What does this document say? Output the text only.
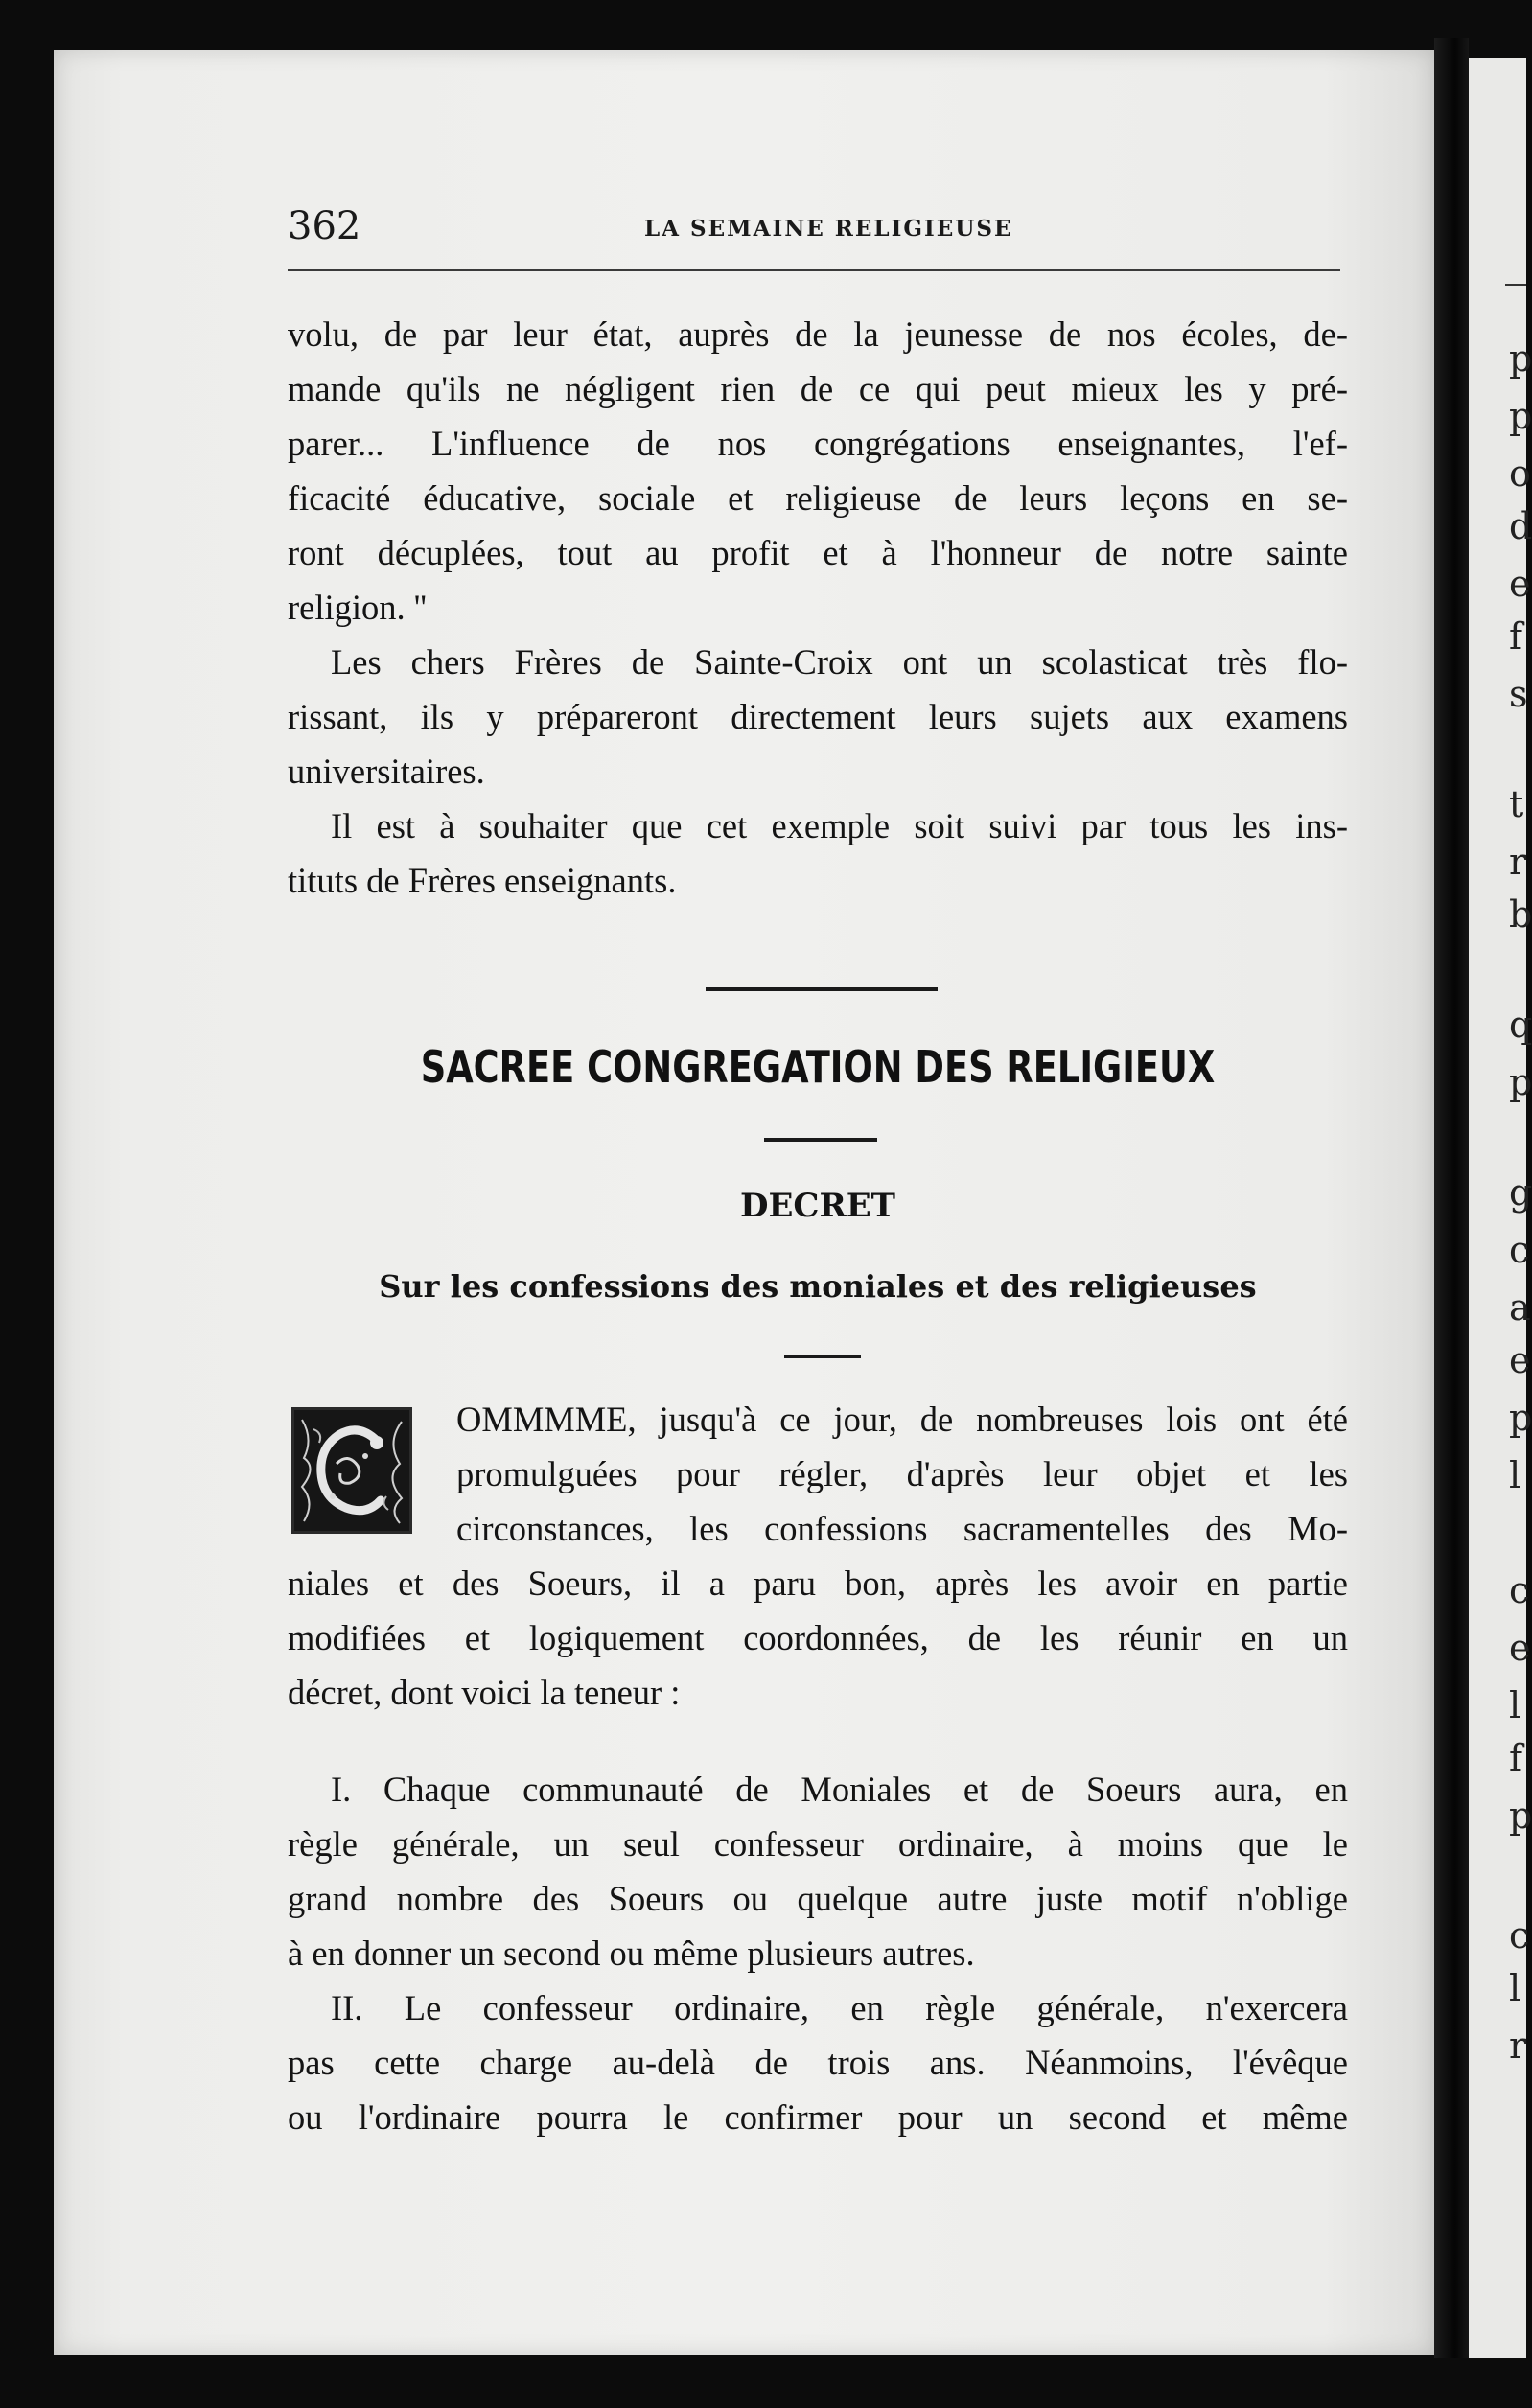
p
p
o
d
e
f
s
t
r
b
q
p
g
c
a
e
p
l
c
e
l
f
p
c
l
r
362	LA SEMAINE RELIGIEUSE
volu, de par leur état, auprès de la jeunesse de nos écoles, de-
mande qu'ils ne négligent rien de ce qui peut mieux les y pré-
parer... L'influence de nos congrégations enseignantes, l'ef-
ficacité éducative, sociale et religieuse de leurs leçons en se-
ront décuplées, tout au profit et à l'honneur de notre sainte
religion. ''
Les chers Frères de Sainte-Croix ont un scolasticat très flo-
rissant, ils y prépareront directement leurs sujets aux examens
universitaires.
Il est à souhaiter que cet exemple soit suivi par tous les ins-
tituts de Frères enseignants.
SACREE CONGREGATION DES RELIGIEUX
DECRET
Sur les confessions des moniales et des religieuses
OMMMME, jusqu'à ce jour, de nombreuses lois ont été
promulguées pour régler, d'après leur objet et les
circonstances, les confessions sacramentelles des Mo-
niales et des Soeurs, il a paru bon, après les avoir en partie
modifiées et logiquement coordonnées, de les réunir en un
décret, dont voici la teneur :
I. Chaque communauté de Moniales et de Soeurs aura, en
règle générale, un seul confesseur ordinaire, à moins que le
grand nombre des Soeurs ou quelque autre juste motif n'oblige
à en donner un second ou même plusieurs autres.
II. Le confesseur ordinaire, en règle générale, n'exercera
pas cette charge au-delà de trois ans. Néanmoins, l'évêque
ou l'ordinaire pourra le confirmer pour un second et même
